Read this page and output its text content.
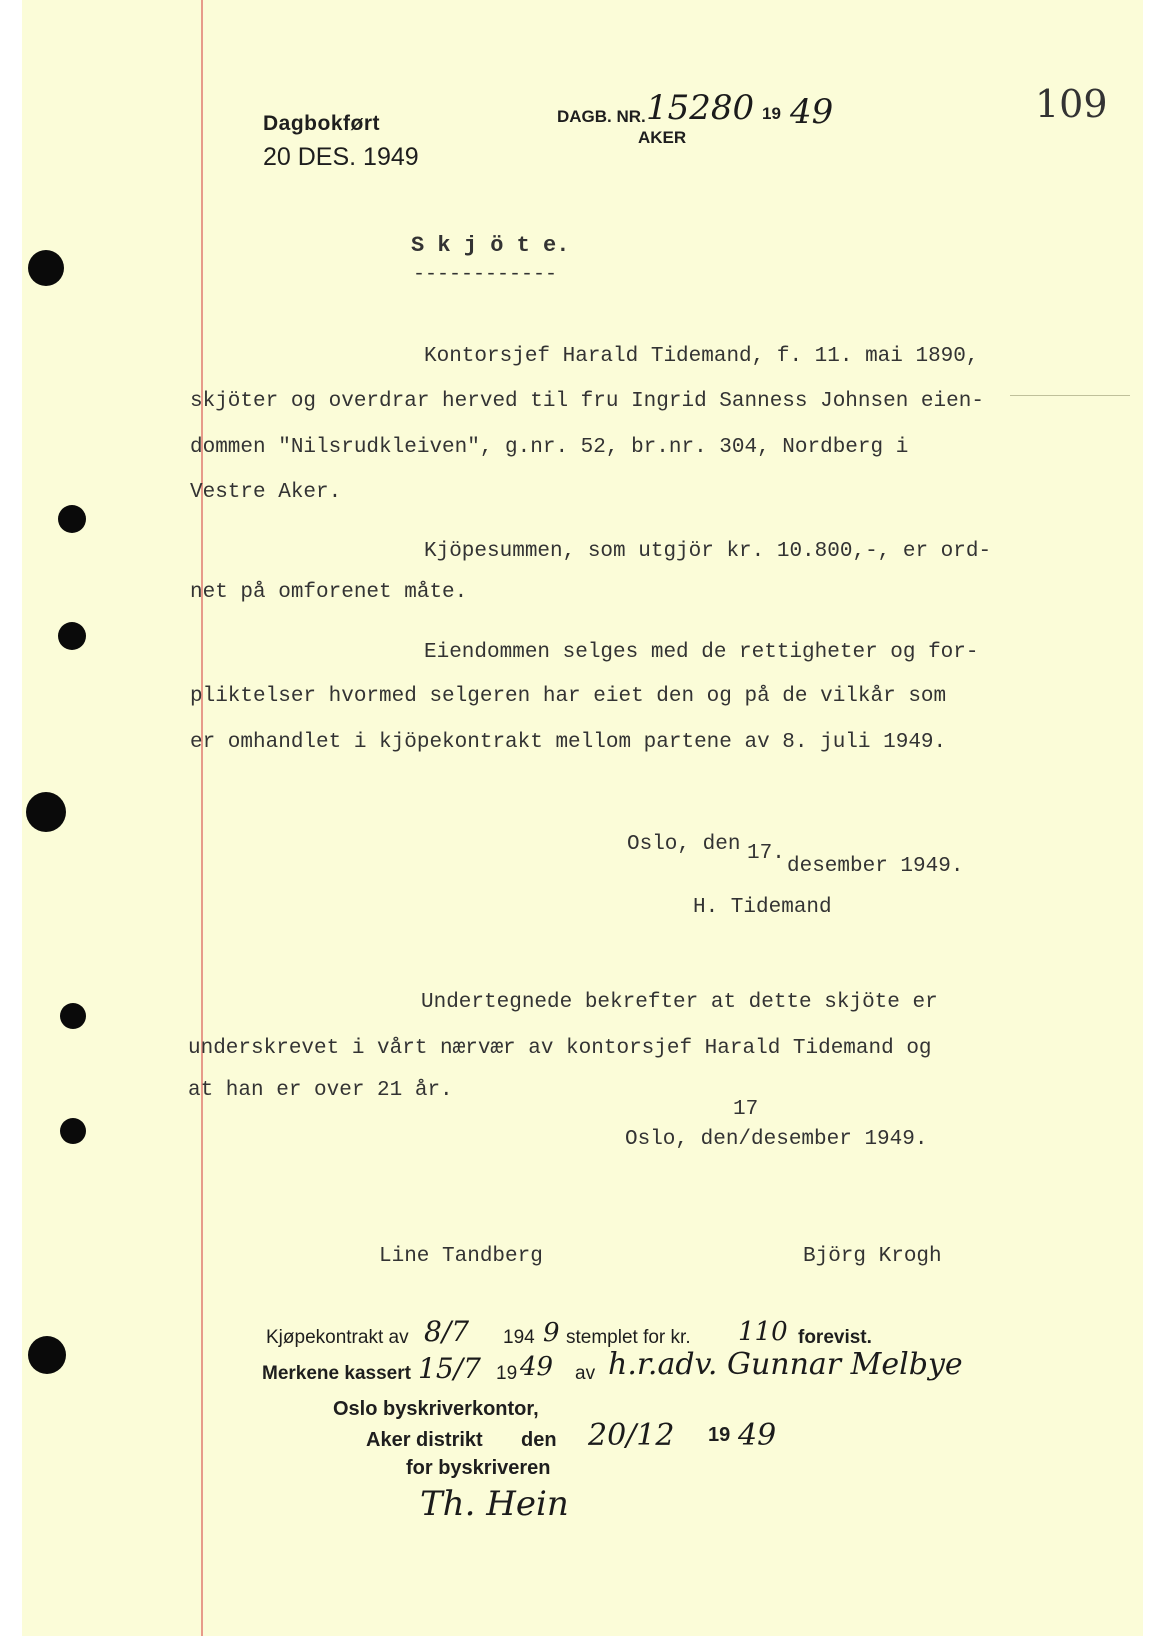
Dagbokført
20 DES. 1949
DAGB. NR. 15280 19 49
AKER
109
S k j ö t e.
------------
Kontorsjef Harald Tidemand, f. 11. mai 1890,
skjöter og overdrar herved til fru Ingrid Sanness Johnsen eien-
dommen "Nilsrudkleiven", g.nr. 52, br.nr. 304, Nordberg i
Vestre Aker.
Kjöpesummen, som utgjör kr. 10.800,-, er ord-
net på omforenet måte.
Eiendommen selges med de rettigheter og for-
pliktelser hvormed selgeren har eiet den og på de vilkår som
er omhandlet i kjöpekontrakt mellom partene av 8. juli 1949.
Oslo, den 17.
desember 1949.
H. Tidemand
Undertegnede bekrefter at dette skjöte er
underskrevet i vårt nærvær av kontorsjef Harald Tidemand og
at han er over 21 år.
17
Oslo, den/desember 1949.
Line Tandberg	Björg Krogh
Kjøpekontrakt av 8/7 194 9 stemplet for kr. 110 forevist.
Merkene kassert 15/7 19 49 av h.r.adv. Gunnar Melbye
Oslo byskriverkontor,
Aker distrikt den 20/12 19 49
for byskriveren
Th. Hein
